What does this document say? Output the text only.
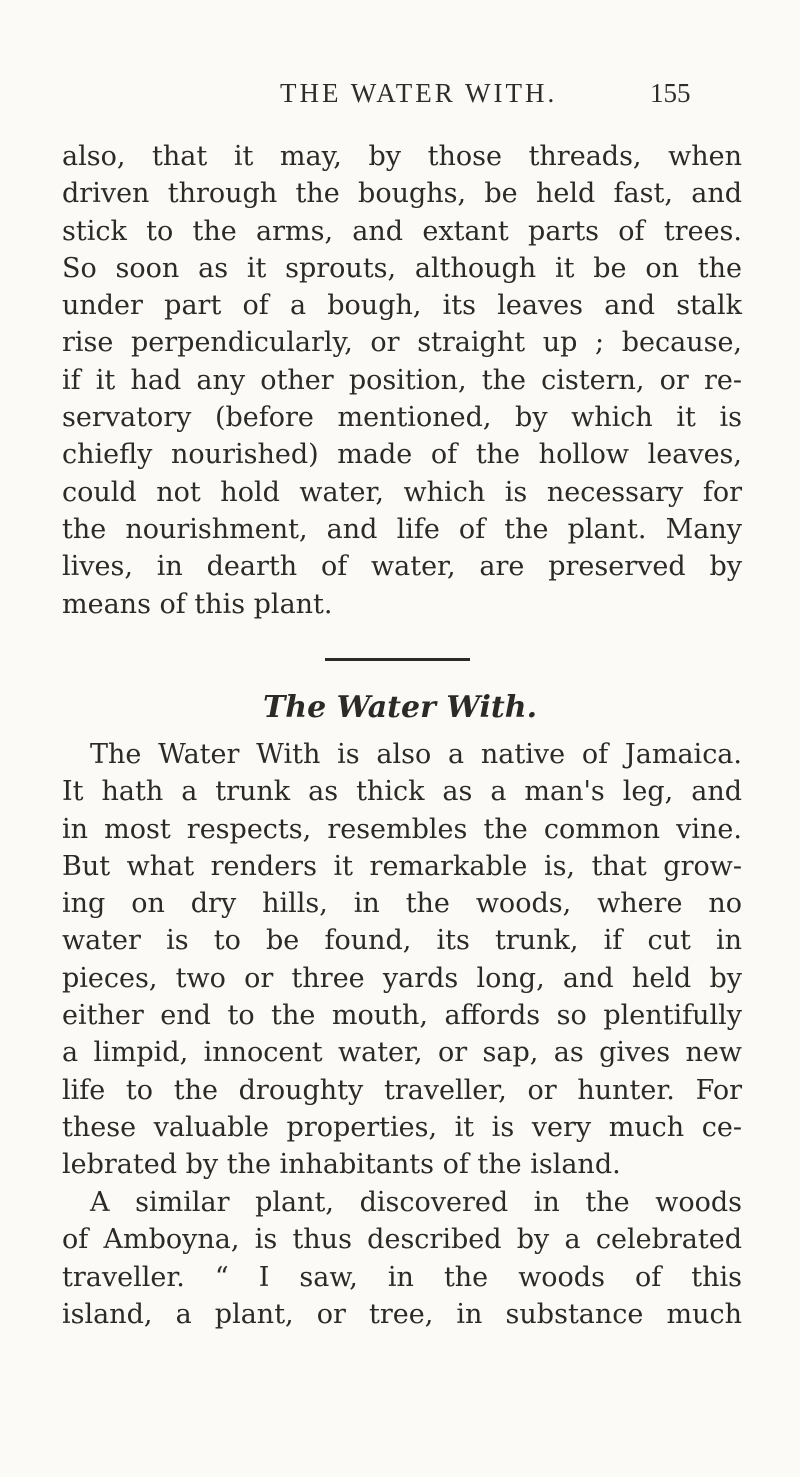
THE WATER WITH.	155
also, that it may, by those threads, when
driven through the boughs, be held fast, and
stick to the arms, and extant parts of trees.
So soon as it sprouts, although it be on the
under part of a bough, its leaves and stalk
rise perpendicularly, or straight up ; because,
if it had any other position, the cistern, or re-
servatory (before mentioned, by which it is
chiefly nourished) made of the hollow leaves,
could not hold water, which is necessary for
the nourishment, and life of the plant. Many
lives, in dearth of water, are preserved by
means of this plant.
The Water With.
The Water With is also a native of Jamaica.
It hath a trunk as thick as a man's leg, and
in most respects, resembles the common vine.
But what renders it remarkable is, that grow-
ing on dry hills, in the woods, where no
water is to be found, its trunk, if cut in
pieces, two or three yards long, and held by
either end to the mouth, affords so plentifully
a limpid, innocent water, or sap, as gives new
life to the droughty traveller, or hunter. For
these valuable properties, it is very much ce-
lebrated by the inhabitants of the island.
A similar plant, discovered in the woods
of Amboyna, is thus described by a celebrated
traveller. “ I saw, in the woods of this
island, a plant, or tree, in substance much
